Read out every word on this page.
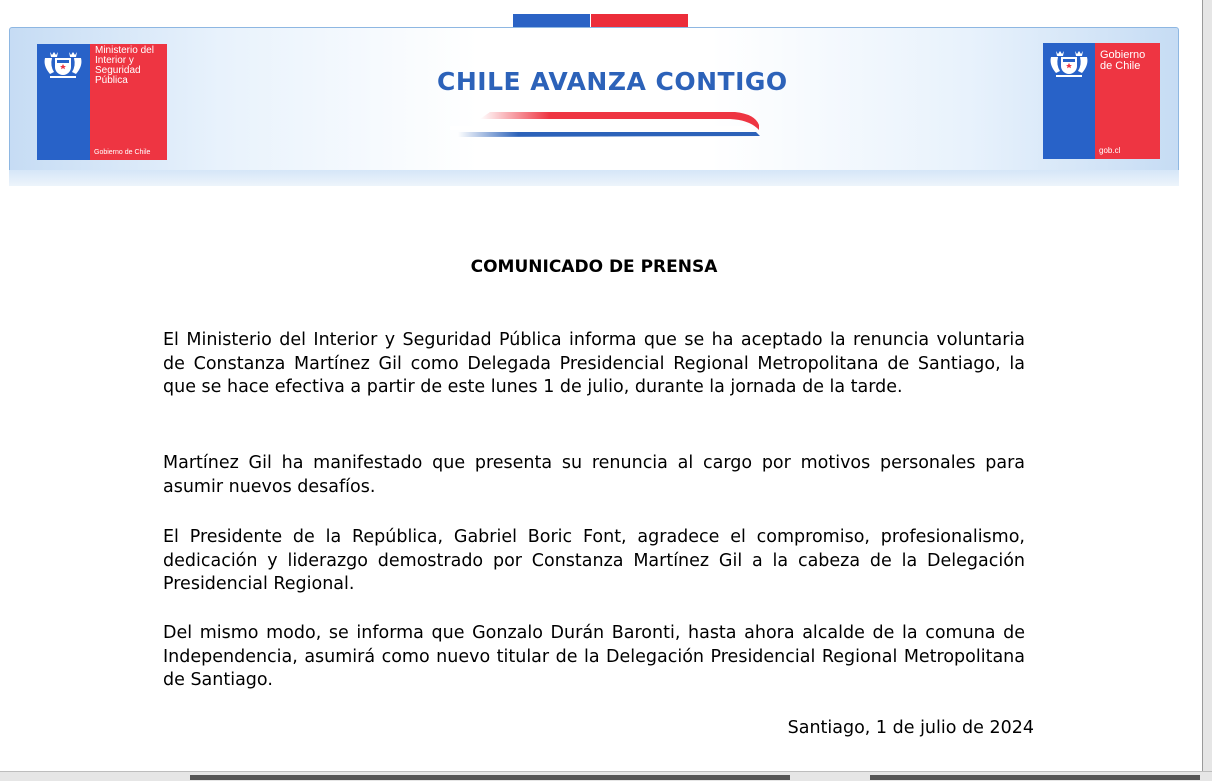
Ministerio del
Interior y
Seguridad
Pública
Gobierno de Chile
CHILE AVANZA CONTIGO
Gobierno
de Chile
gob.cl
COMUNICADO DE PRENSA

El Ministerio del Interior y Seguridad Pública informa que se ha aceptado la renuncia voluntaria de Constanza Martínez Gil como Delegada Presidencial Regional Metropolitana de Santiago, la que se hace efectiva a partir de este lunes 1 de julio, durante la jornada de la tarde.

Martínez Gil ha manifestado que presenta su renuncia al cargo por motivos personales para asumir nuevos desafíos.

El Presidente de la República, Gabriel Boric Font, agradece el compromiso, profesionalismo, dedicación y liderazgo demostrado por Constanza Martínez Gil a la cabeza de la Delegación Presidencial Regional.

Del mismo modo, se informa que Gonzalo Durán Baronti, hasta ahora alcalde de la comuna de Independencia, asumirá como nuevo titular de la Delegación Presidencial Regional Metropolitana de Santiago.

Santiago, 1 de julio de 2024
